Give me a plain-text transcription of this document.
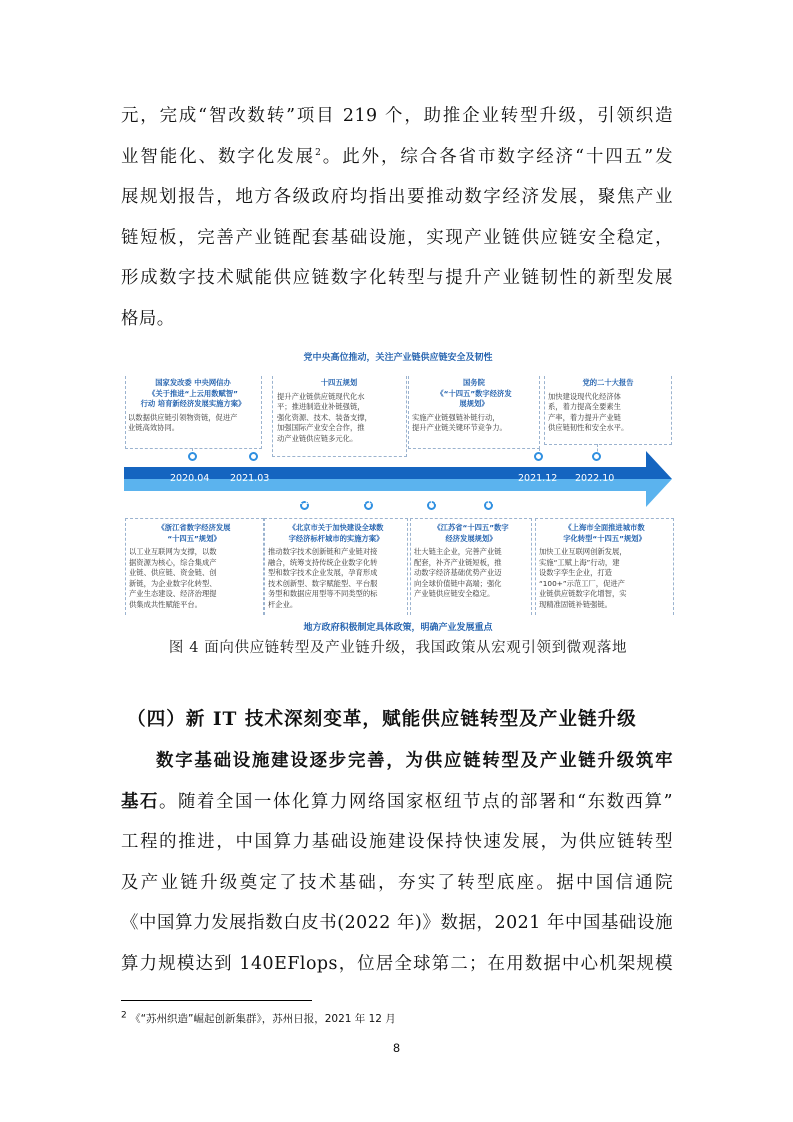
元，完成“智改数转”项目 219 个，助推企业转型升级，引领织造
业智能化、数字化发展$^2$。此外，综合各省市数字经济“十四五”发
展规划报告，地方各级政府均指出要推动数字经济发展，聚焦产业
链短板，完善产业链配套基础设施，实现产业链供应链安全稳定，
形成数字技术赋能供应链数字化转型与提升产业链韧性的新型发展
格局。
党中央高位推动，关注产业链供应链安全及韧性
国家发改委 中央网信办
《关于推进“上云用数赋智”
行动 培育新经济发展实施方案》
以数据供应链引领物资链，促进产
业链高效协同。
十四五规划
提升产业链供应链现代化水
平；推进制造业补链强链，
强化资源、技术、装备支撑，
加强国际产业安全合作，推
动产业链供应链多元化。
国务院
《“十四五”数字经济发
展规划》
实施产业链强链补链行动，
提升产业链关键环节竞争力。
党的二十大报告
加快建设现代化经济体
系，着力提高全要素生
产率，着力提升产业链
供应链韧性和安全水平。
2020.04 2021.03	2021.12 2022.10
2021.06 2021.07 2021.08 2021.10
《浙江省数字经济发展
“十四五”规划》
以工业互联网为支撑，以数
据资源为核心，综合集成产
业链、供应链、资金链、创
新链，为企业数字化转型、
产业生态建设、经济治理提
供集成共性赋能平台。
《北京市关于加快建设全球数
字经济标杆城市的实施方案》
推动数字技术创新链和产业链对接
融合，统筹支持传统企业数字化转
型和数字技术企业发展，孕育形成
技术创新型、数字赋能型、平台服
务型和数据应用型等不同类型的标
杆企业。
《江苏省“十四五”数字
经济发展规划》
壮大链主企业，完善产业链
配套，补齐产业链短板，推
动数字经济基础优势产业迈
向全球价值链中高端；强化
产业链供应链安全稳定。
《上海市全面推进城市数
字化转型“十四五”规划》
加快工业互联网创新发展，
实施“工赋上海”行动，建
设数字孪生企业，打造
“100+”示范工厂，促进产
业链供应链数字化增智，实
现精准固链补链强链。
地方政府积极制定具体政策，明确产业发展重点
图 4 面向供应链转型及产业链升级，我国政策从宏观引领到微观落地
（四）新 IT 技术深刻变革，赋能供应链转型及产业链升级
数字基础设施建设逐步完善，为供应链转型及产业链升级筑牢
基石。随着全国一体化算力网络国家枢纽节点的部署和“东数西算”
工程的推进，中国算力基础设施建设保持快速发展，为供应链转型
及产业链升级奠定了技术基础，夯实了转型底座。据中国信通院
《中国算力发展指数白皮书(2022 年)》数据，2021 年中国基础设施
算力规模达到 140EFlops，位居全球第二；在用数据中心机架规模
$^2$ 《“苏州织造”崛起创新集群》，苏州日报，2021 年 12 月
8
